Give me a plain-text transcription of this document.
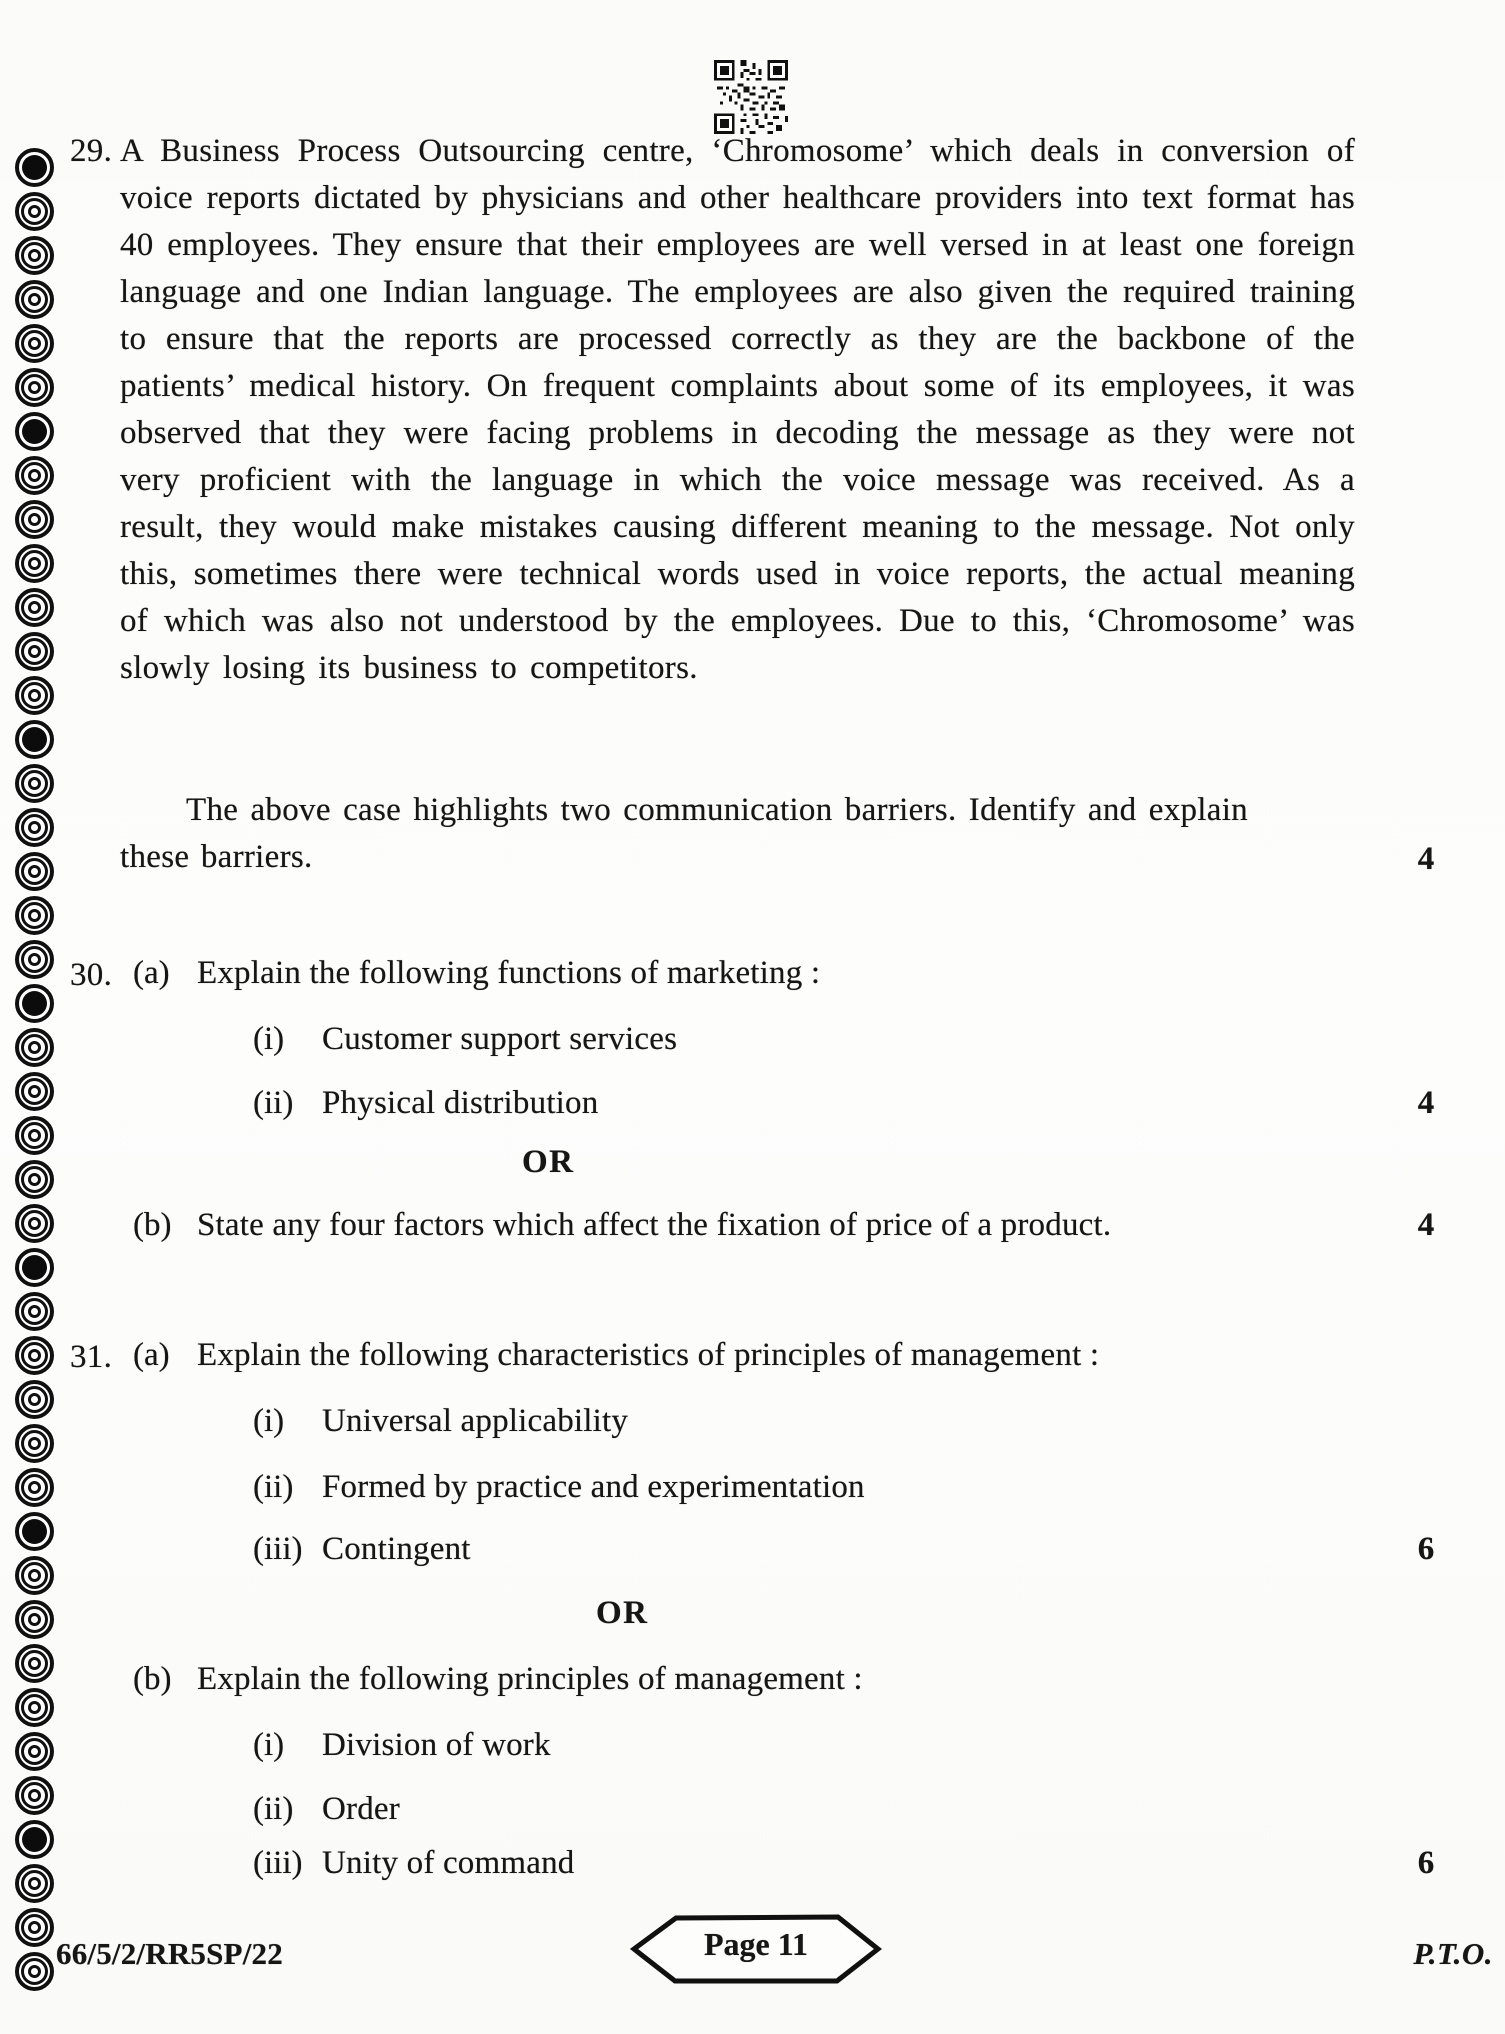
29. A Business Process Outsourcing centre, ‘Chromosome’ which deals in conversion of voice reports dictated by physicians and other healthcare providers into text format has 40 employees. They ensure that their employees are well versed in at least one foreign language and one Indian language. The employees are also given the required training to ensure that the reports are processed correctly as they are the backbone of the patients’ medical history. On frequent complaints about some of its employees, it was observed that they were facing problems in decoding the message as they were not very proficient with the language in which the voice message was received. As a result, they would make mistakes causing different meaning to the message. Not only this, sometimes there were technical words used in voice reports, the actual meaning of which was also not understood by the employees. Due to this, ‘Chromosome’ was slowly losing its business to competitors.
The above case highlights two communication barriers. Identify and explain these barriers.	4
30. (a) Explain the following functions of marketing :
(i) Customer support services
(ii) Physical distribution	4
OR
(b) State any four factors which affect the fixation of price of a product.	4
31. (a) Explain the following characteristics of principles of management :
(i) Universal applicability
(ii) Formed by practice and experimentation
(iii) Contingent	6
OR
(b) Explain the following principles of management :
(i) Division of work
(ii) Order
(iii) Unity of command	6
66/5/2/RR5SP/22	Page 11	P.T.O.
